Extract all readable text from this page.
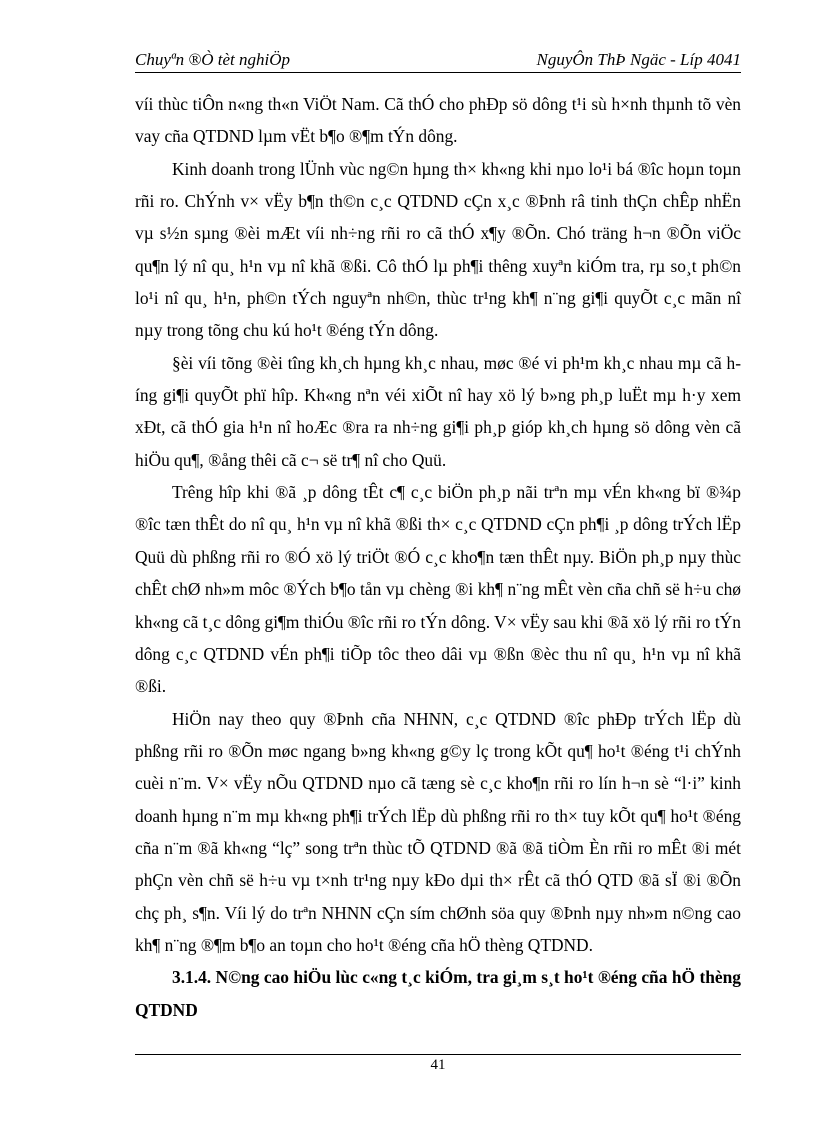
Chuyªn ®Ò tèt nghiÖp	NguyÔn ThÞ Ngäc - Líp 4041

víi thùc tiÔn n«ng th«n ViÖt Nam. Cã thÓ cho phÐp sö dông t¹i sù h×nh thµnh tõ vèn vay cña QTDND lµm vËt b¶o ®¶m tÝn dông.

Kinh doanh trong lÜnh vùc ng©n hµng th× kh«ng khi nµo lo¹i bá ®îc hoµn toµn rñi ro. ChÝnh v× vËy b¶n th©n c¸c QTDND cÇn x¸c ®Þnh râ tinh thÇn chÊp nhËn vµ s½n sµng ®èi mÆt víi nh÷ng rñi ro cã thÓ x¶y ®Õn. Chó träng h¬n ®Õn viÖc qu¶n lý nî qu¸ h¹n vµ nî khã ®ßi. Cô thÓ lµ ph¶i thêng xuyªn kiÓm tra, rµ so¸t ph©n lo¹i nî qu¸ h¹n, ph©n tÝch nguyªn nh©n, thùc tr¹ng kh¶ n¨ng gi¶i quyÕt c¸c mãn nî nµy trong tõng chu kú ho¹t ®éng tÝn dông.

§èi víi tõng ®èi tîng kh¸ch hµng kh¸c nhau, møc ®é vi ph¹m kh¸c nhau mµ cã híng gi¶i quyÕt phï hîp. Kh«ng nªn véi xiÕt nî hay xö lý b»ng ph¸p luËt mµ h·y xem xÐt, cã thÓ gia h¹n nî hoÆc ®ra ra nh÷ng gi¶i ph¸p gióp kh¸ch hµng sö dông vèn cã hiÖu qu¶, ®ång thêi cã c¬ së tr¶ nî cho Quü.

Trêng hîp khi ®ã ¸p dông tÊt c¶ c¸c biÖn ph¸p nãi trªn mµ vÉn kh«ng bï ®¾p ®îc tæn thÊt do nî qu¸ h¹n vµ nî khã ®ßi th× c¸c QTDND cÇn ph¶i ¸p dông trÝch lËp Quü dù phßng rñi ro ®Ó xö lý triÖt ®Ó c¸c kho¶n tæn thÊt nµy. BiÖn ph¸p nµy thùc chÊt chØ nh»m môc ®Ých b¶o tån vµ chèng ®i kh¶ n¨ng mÊt vèn cña chñ së h÷u chø kh«ng cã t¸c dông gi¶m thiÓu ®îc rñi ro tÝn dông. V× vËy sau khi ®ã xö lý rñi ro tÝn dông c¸c QTDND vÉn ph¶i tiÕp tôc theo dâi vµ ®ßn ®èc thu nî qu¸ h¹n vµ nî khã ®ßi.

HiÖn nay theo quy ®Þnh cña NHNN, c¸c QTDND ®îc phÐp trÝch lËp dù phßng rñi ro ®Õn møc ngang b»ng kh«ng g©y lç trong kÕt qu¶ ho¹t ®éng t¹i chÝnh cuèi n¨m. V× vËy nÕu QTDND nµo cã tæng sè c¸c kho¶n rñi ro lín h¬n sè “l·i” kinh doanh hµng n¨m mµ kh«ng ph¶i trÝch lËp dù phßng rñi ro th× tuy kÕt qu¶ ho¹t ®éng cña n¨m ®ã kh«ng “lç” song trªn thùc tÕ QTDND ®ã ®ã tiÒm Èn rñi ro mÊt ®i mét phÇn vèn chñ së h÷u vµ t×nh tr¹ng nµy kÐo dµi th× rÊt cã thÓ QTD ®ã sÏ ®i ®Õn chç ph¸ s¶n. Víi lý do trªn NHNN cÇn sím chØnh söa quy ®Þnh nµy nh»m n©ng cao kh¶ n¨ng ®¶m b¶o an toµn cho ho¹t ®éng cña hÖ thèng QTDND.

3.1.4. N©ng cao hiÖu lùc c«ng t¸c kiÓm, tra gi¸m s¸t ho¹t ®éng cña hÖ thèng QTDND

41
